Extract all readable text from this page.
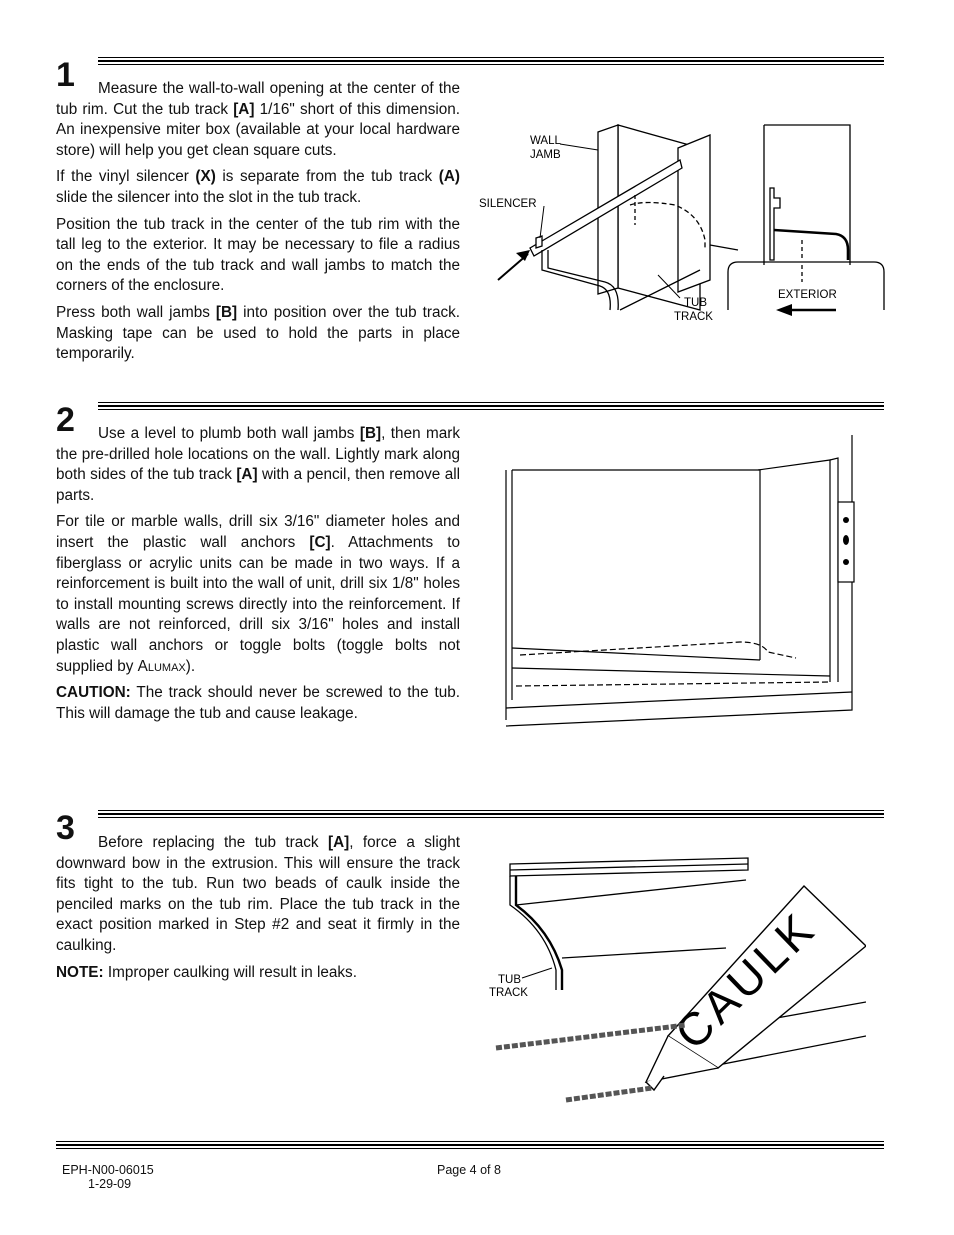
1	Measure the wall-to-wall opening at the center of the tub rim. Cut the tub track [A] 1/16" short of this dimension. An inexpensive miter box (available at your local hardware store) will help you get clean square cuts.

If the vinyl silencer (X) is separate from the tub track (A) slide the silencer into the slot in the tub track.

Position the tub track in the center of the tub rim with the tall leg to the exterior. It may be necessary to file a radius on the ends of the tub track and wall jambs to match the corners of the enclosure.

Press both wall jambs [B] into position over the tub track. Masking tape can be used to hold the parts in place temporarily.

WALL
JAMB
SILENCER
TUB
TRACK
EXTERIOR
2	Use a level to plumb both wall jambs [B], then mark the pre-drilled hole locations on the wall. Lightly mark along both sides of the tub track [A] with a pencil, then remove all parts.

For tile or marble walls, drill six 3/16" diameter holes and insert the plastic wall anchors [C]. Attachments to fiberglass or acrylic units can be made in two ways. If a reinforcement is built into the wall of unit, drill six 1/8" holes to install mounting screws directly into the reinforcement. If walls are not reinforced, drill six 3/16" holes and install plastic wall anchors or toggle bolts (toggle bolts not supplied by Alumax).

CAUTION: The track should never be screwed to the tub. This will damage the tub and cause leakage.

3	Before replacing the tub track [A], force a slight downward bow in the extrusion. This will ensure the track fits tight to the tub. Run two beads of caulk inside the penciled marks on the tub rim. Place the tub track in the exact position marked in Step #2 and seat it firmly in the caulking.

NOTE: Improper caulking will result in leaks.	CAULK
TUB
TRACK
EPH-N00-06015
1-29-09
Page 4 of 8
